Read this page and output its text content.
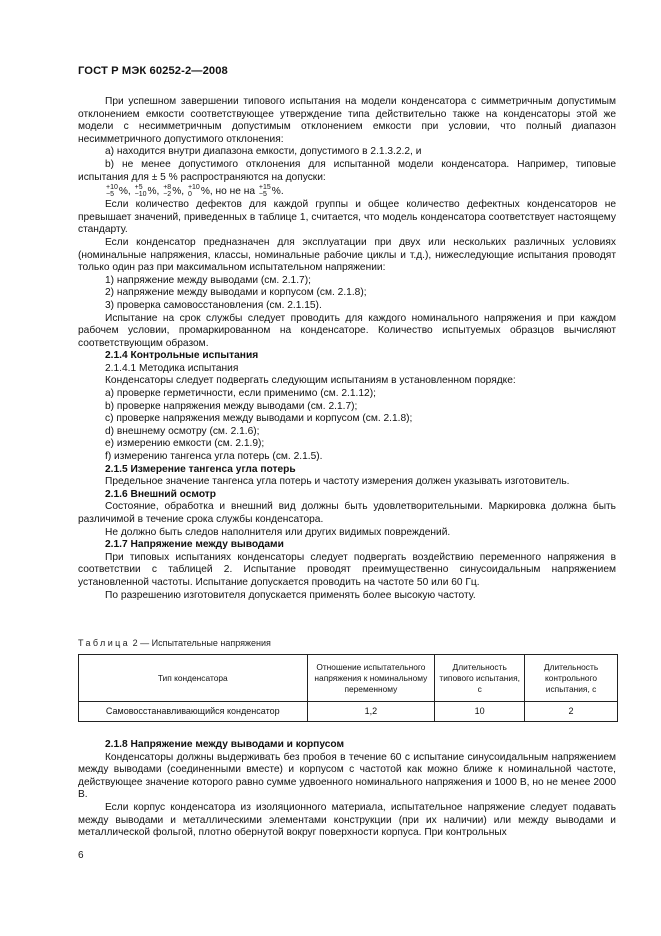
ГОСТ Р МЭК 60252-2—2008

При успешном завершении типового испытания на модели конденсатора с симметричным допустимым отклонением емкости соответствующее утверждение типа действительно также на конденсаторы этой же модели с несимметричным допустимым отклонением емкости при условии, что полный диапазон несимметричного допустимого отклонения:

а) находится внутри диапазона емкости, допустимого в 2.1.3.2.2, и

b) не менее допустимого отклонения для испытанной модели конденсатора. Например, типовые испытания для ± 5 % распространяются на допуски:

+10
−5 %, +5
−10 %, +8
−2 %, +10
0 %, но не на +15
−5 %.

Если количество дефектов для каждой группы и общее количество дефектных конденсаторов не превышает значений, приведенных в таблице 1, считается, что модель конденсатора соответствует настоящему стандарту.

Если конденсатор предназначен для эксплуатации при двух или нескольких различных условиях (номинальные напряжения, классы, номинальные рабочие циклы и т.д.), нижеследующие испытания проводят только один раз при максимальном испытательном напряжении:

1) напряжение между выводами (см. 2.1.7);

2) напряжение между выводами и корпусом (см. 2.1.8);

3) проверка самовосстановления (см. 2.1.15).

Испытание на срок службы следует проводить для каждого номинального напряжения и при каждом рабочем условии, промаркированном на конденсаторе. Количество испытуемых образцов вычисляют соответствующим образом.

2.1.4 Контрольные испытания

2.1.4.1 Методика испытания

Конденсаторы следует подвергать следующим испытаниям в установленном порядке:

а) проверке герметичности, если применимо (см. 2.1.12);

b) проверке напряжения между выводами (см. 2.1.7);

c) проверке напряжения между выводами и корпусом (см. 2.1.8);

d) внешнему осмотру (см. 2.1.6);

e) измерению емкости (см. 2.1.9);

f) измерению тангенса угла потерь (см. 2.1.5).

2.1.5 Измерение тангенса угла потерь

Предельное значение тангенса угла потерь и частоту измерения должен указывать изготовитель.

2.1.6 Внешний осмотр

Состояние, обработка и внешний вид должны быть удовлетворительными. Маркировка должна быть различимой в течение срока службы конденсатора.

Не должно быть следов наполнителя или других видимых повреждений.

2.1.7 Напряжение между выводами

При типовых испытаниях конденсаторы следует подвергать воздействию переменного напряжения в соответствии с таблицей 2. Испытание проводят преимущественно синусоидальным напряжением установленной частоты. Испытание допускается проводить на частоте 50 или 60 Гц.

По разрешению изготовителя допускается применять более высокую частоту.

Таблица 2 — Испытательные напряжения
Тип конденсатора	Отношение испытательного напряжения к номинальному переменному	Длительность типового испытания, с	Длительность контрольного испытания, с
Самовосстанавливающийся конденсатор	1,2	10	2

2.1.8 Напряжение между выводами и корпусом

Конденсаторы должны выдерживать без пробоя в течение 60 с испытание синусоидальным напряжением между выводами (соединенными вместе) и корпусом с частотой как можно ближе к номинальной частоте, действующее значение которого равно сумме удвоенного номинального напряжения и 1000 В, но не менее 2000 В.

Если корпус конденсатора из изоляционного материала, испытательное напряжение следует подавать между выводами и металлическими элементами конструкции (при их наличии) или между выводами и металлической фольгой, плотно обернутой вокруг поверхности корпуса. При контрольных

6
